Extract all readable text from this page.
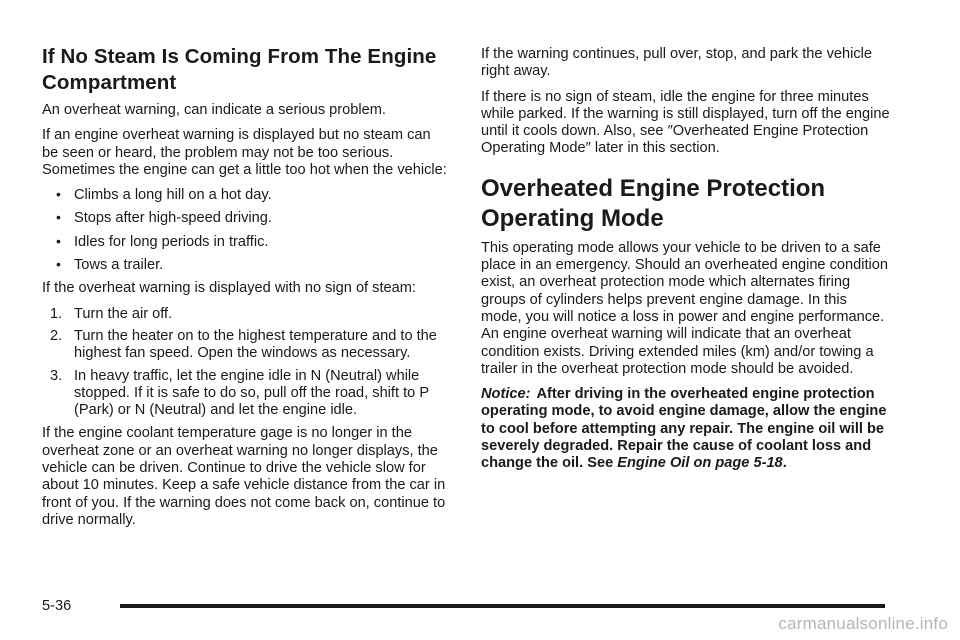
If No Steam Is Coming From The Engine Compartment

An overheat warning, can indicate a serious problem.

If an engine overheat warning is displayed but no steam can be seen or heard, the problem may not be too serious. Sometimes the engine can get a little too hot when the vehicle:

• Climbs a long hill on a hot day.
• Stops after high-speed driving.
• Idles for long periods in traffic.
• Tows a trailer.

If the overheat warning is displayed with no sign of steam:

1. Turn the air off.
2. Turn the heater on to the highest temperature and to the highest fan speed. Open the windows as necessary.
3. In heavy traffic, let the engine idle in N (Neutral) while stopped. If it is safe to do so, pull off the road, shift to P (Park) or N (Neutral) and let the engine idle.

If the engine coolant temperature gage is no longer in the overheat zone or an overheat warning no longer displays, the vehicle can be driven. Continue to drive the vehicle slow for about 10 minutes. Keep a safe vehicle distance from the car in front of you. If the warning does not come back on, continue to drive normally.

If the warning continues, pull over, stop, and park the vehicle right away.

If there is no sign of steam, idle the engine for three minutes while parked. If the warning is still displayed, turn off the engine until it cools down. Also, see ″Overheated Engine Protection Operating Mode″ later in this section.

Overheated Engine Protection Operating Mode

This operating mode allows your vehicle to be driven to a safe place in an emergency. Should an overheated engine condition exist, an overheat protection mode which alternates firing groups of cylinders helps prevent engine damage. In this mode, you will notice a loss in power and engine performance. An engine overheat warning will indicate that an overheat condition exists. Driving extended miles (km) and/or towing a trailer in the overheat protection mode should be avoided.

Notice: After driving in the overheated engine protection operating mode, to avoid engine damage, allow the engine to cool before attempting any repair. The engine oil will be severely degraded. Repair the cause of coolant loss and change the oil. See Engine Oil on page 5-18.

5-36
carmanualsonline.info
